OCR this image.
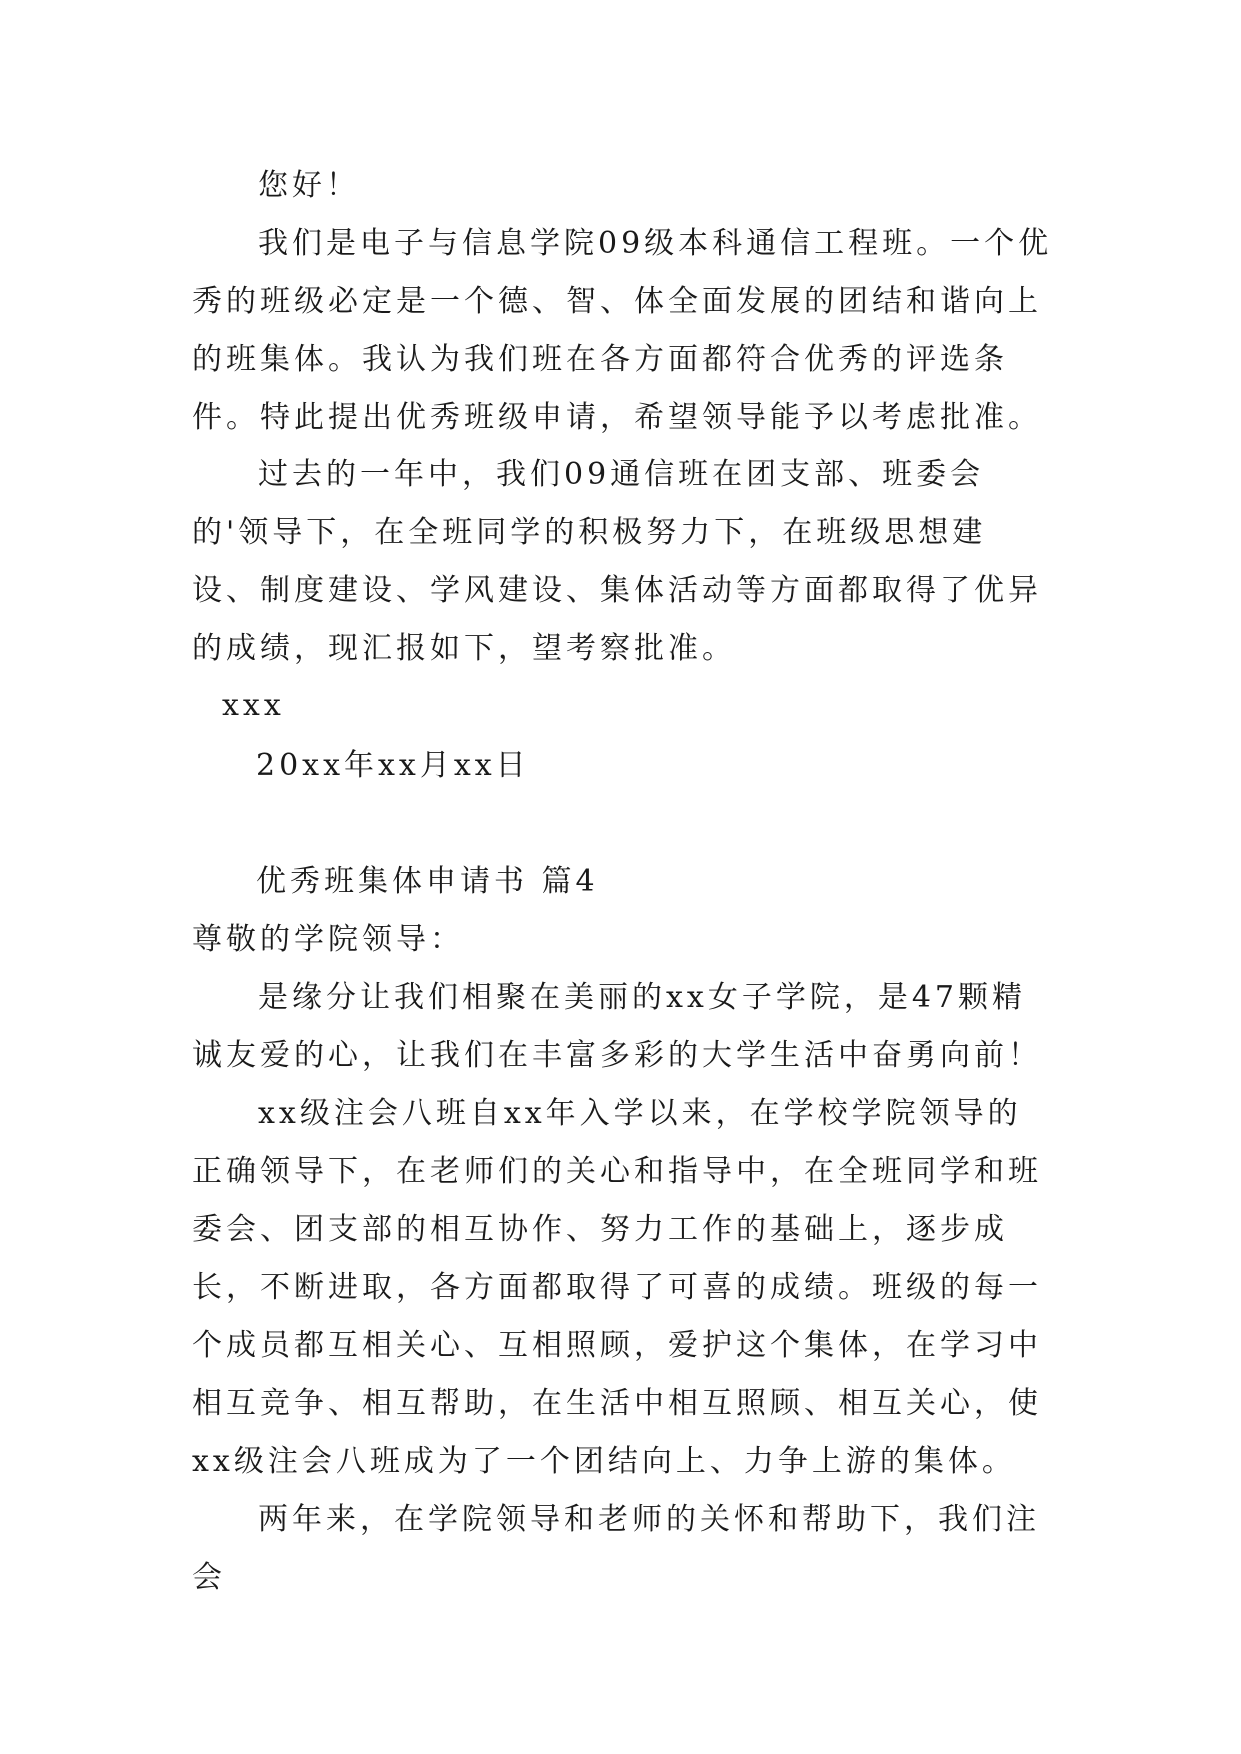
您好！

我们是电子与信息学院09级本科通信工程班。一个优秀的班级必定是一个德、智、体全面发展的团结和谐向上的班集体。我认为我们班在各方面都符合优秀的评选条件。特此提出优秀班级申请，希望领导能予以考虑批准。

过去的一年中，我们09通信班在团支部、班委会的'领导下，在全班同学的积极努力下，在班级思想建设、制度建设、学风建设、集体活动等方面都取得了优异的成绩，现汇报如下，望考察批准。

xxx

20xx年xx月xx日

优秀班集体申请书 篇4

尊敬的学院领导：

是缘分让我们相聚在美丽的xx女子学院，是47颗精诚友爱的心，让我们在丰富多彩的大学生活中奋勇向前！

xx级注会八班自xx年入学以来，在学校学院领导的正确领导下，在老师们的关心和指导中，在全班同学和班委会、团支部的相互协作、努力工作的基础上，逐步成长，不断进取，各方面都取得了可喜的成绩。班级的每一个成员都互相关心、互相照顾，爱护这个集体，在学习中相互竞争、相互帮助，在生活中相互照顾、相互关心，使xx级注会八班成为了一个团结向上、力争上游的集体。

两年来，在学院领导和老师的关怀和帮助下，我们注会
